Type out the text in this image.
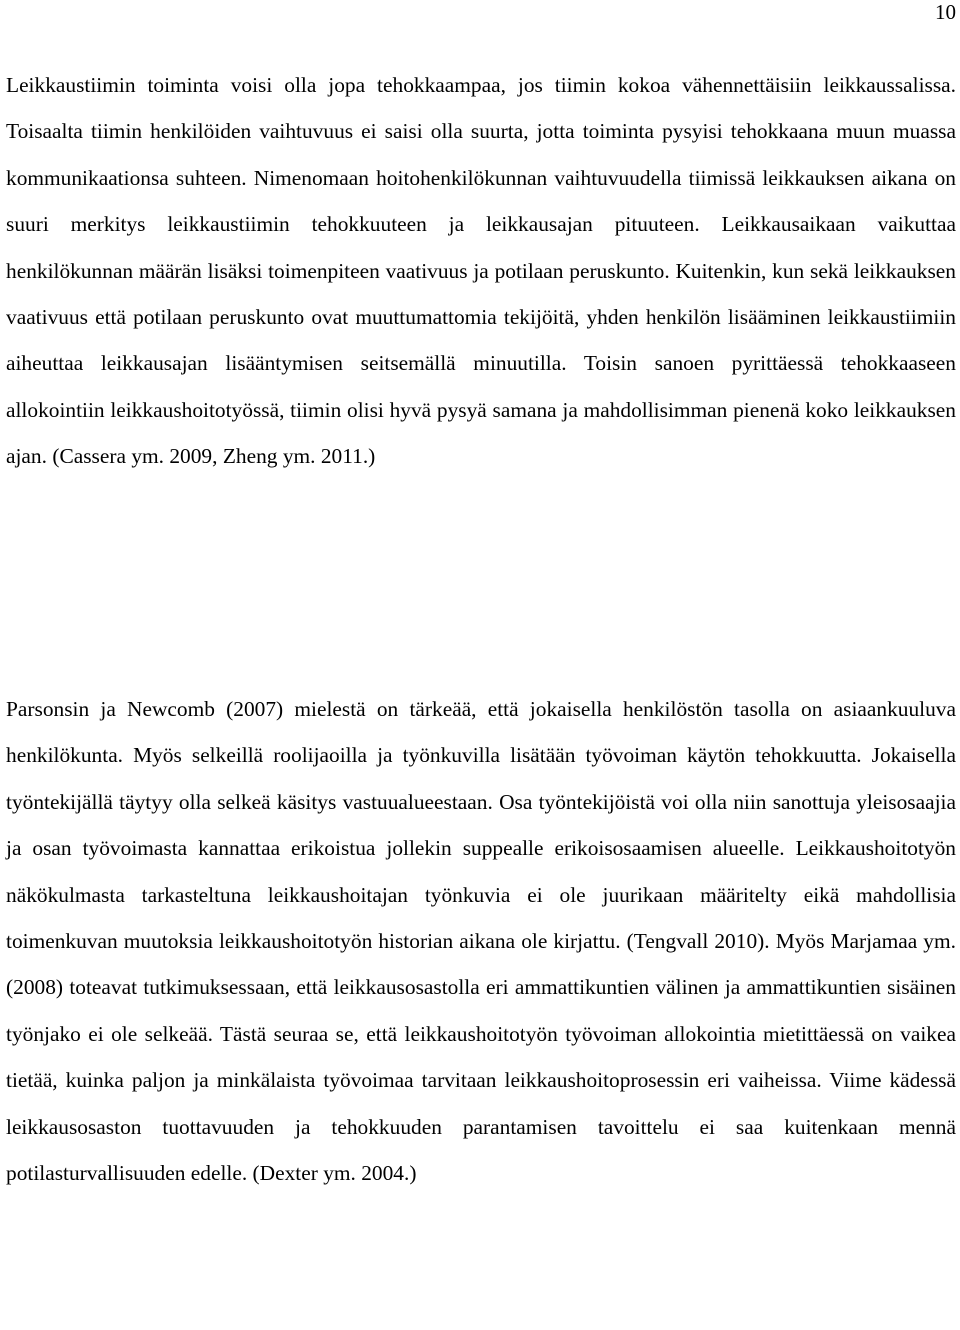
10

Leikkaustiimin toiminta voisi olla jopa tehokkaampaa, jos tiimin kokoa vähennettäisiin leikkaussalissa. Toisaalta tiimin henkilöiden vaihtuvuus ei saisi olla suurta, jotta toiminta pysyisi tehokkaana muun muassa kommunikaationsa suhteen. Nimenomaan hoitohenkilökunnan vaihtuvuudella tiimissä leikkauksen aikana on suuri merkitys leikkaustiimin tehokkuuteen ja leikkausajan pituuteen. Leikkausaikaan vaikuttaa henkilökunnan määrän lisäksi toimenpiteen vaativuus ja potilaan peruskunto. Kuitenkin, kun sekä leikkauksen vaativuus että potilaan peruskunto ovat muuttumattomia tekijöitä, yhden henkilön lisääminen leikkaustiimiin aiheuttaa leikkausajan lisääntymisen seitsemällä minuutilla. Toisin sanoen pyrittäessä tehokkaaseen allokointiin leikkaushoitotyössä, tiimin olisi hyvä pysyä samana ja mahdollisimman pienenä koko leikkauksen ajan. (Cassera ym. 2009, Zheng ym. 2011.)

Parsonsin ja Newcomb (2007) mielestä on tärkeää, että jokaisella henkilöstön tasolla on asiaankuuluva henkilökunta. Myös selkeillä roolijaoilla ja työnkuvilla lisätään työvoiman käytön tehokkuutta. Jokaisella työntekijällä täytyy olla selkeä käsitys vastuualueestaan. Osa työntekijöistä voi olla niin sanottuja yleisosaajia ja osan työvoimasta kannattaa erikoistua jollekin suppealle erikoisosaamisen alueelle. Leikkaushoitotyön näkökulmasta tarkasteltuna leikkaushoitajan työnkuvia ei ole juurikaan määritelty eikä mahdollisia toimenkuvan muutoksia leikkaushoitotyön historian aikana ole kirjattu. (Tengvall 2010). Myös Marjamaa ym. (2008) toteavat tutkimuksessaan, että leikkausosastolla eri ammattikuntien välinen ja ammattikuntien sisäinen työnjako ei ole selkeää. Tästä seuraa se, että leikkaushoitotyön työvoiman allokointia mietittäessä on vaikea tietää, kuinka paljon ja minkälaista työvoimaa tarvitaan leikkaushoitoprosessin eri vaiheissa. Viime kädessä leikkausosaston tuottavuuden ja tehokkuuden parantamisen tavoittelu ei saa kuitenkaan mennä potilasturvallisuuden edelle. (Dexter ym. 2004.)
